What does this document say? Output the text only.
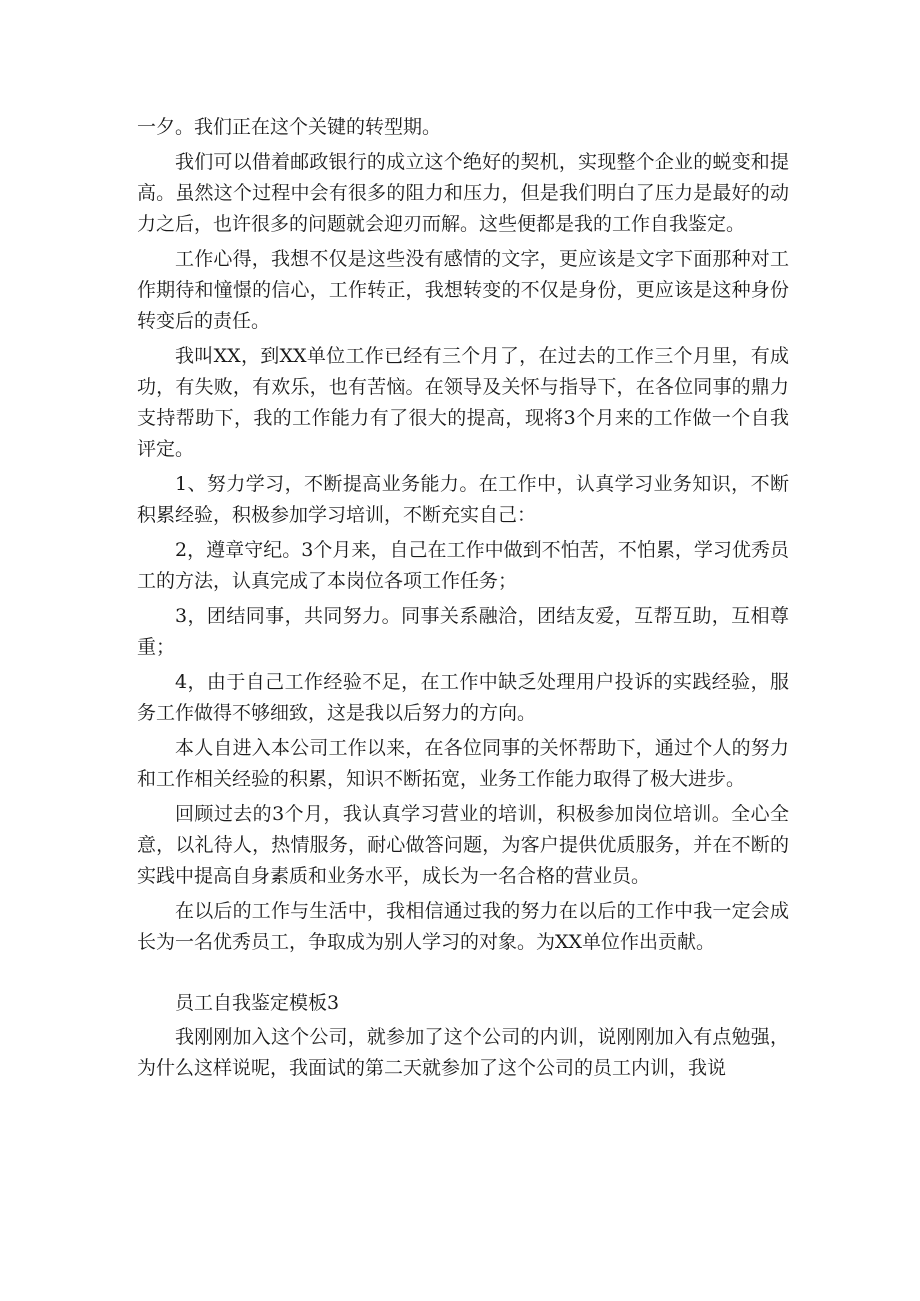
一夕。我们正在这个关键的转型期。

我们可以借着邮政银行的成立这个绝好的契机，实现整个企业的蜕变和提高。虽然这个过程中会有很多的阻力和压力，但是我们明白了压力是最好的动力之后，也许很多的问题就会迎刃而解。这些便都是我的工作自我鉴定。

工作心得，我想不仅是这些没有感情的文字，更应该是文字下面那种对工作期待和憧憬的信心，工作转正，我想转变的不仅是身份，更应该是这种身份转变后的责任。

我叫XX，到XX单位工作已经有三个月了，在过去的工作三个月里，有成功，有失败，有欢乐，也有苦恼。在领导及关怀与指导下，在各位同事的鼎力支持帮助下，我的工作能力有了很大的提高，现将3个月来的工作做一个自我评定。

1、努力学习，不断提高业务能力。在工作中，认真学习业务知识，不断积累经验，积极参加学习培训，不断充实自己：

2，遵章守纪。3个月来，自己在工作中做到不怕苦，不怕累，学习优秀员工的方法，认真完成了本岗位各项工作任务；

3，团结同事，共同努力。同事关系融洽，团结友爱，互帮互助，互相尊重；

4，由于自己工作经验不足，在工作中缺乏处理用户投诉的实践经验，服务工作做得不够细致，这是我以后努力的方向。

本人自进入本公司工作以来，在各位同事的关怀帮助下，通过个人的努力和工作相关经验的积累，知识不断拓宽，业务工作能力取得了极大进步。

回顾过去的3个月，我认真学习营业的培训，积极参加岗位培训。全心全意，以礼待人，热情服务，耐心做答问题，为客户提供优质服务，并在不断的实践中提高自身素质和业务水平，成长为一名合格的营业员。

在以后的工作与生活中，我相信通过我的努力在以后的工作中我一定会成长为一名优秀员工，争取成为别人学习的对象。为XX单位作出贡献。

员工自我鉴定模板3

我刚刚加入这个公司，就参加了这个公司的内训，说刚刚加入有点勉强，为什么这样说呢，我面试的第二天就参加了这个公司的员工内训，我说
